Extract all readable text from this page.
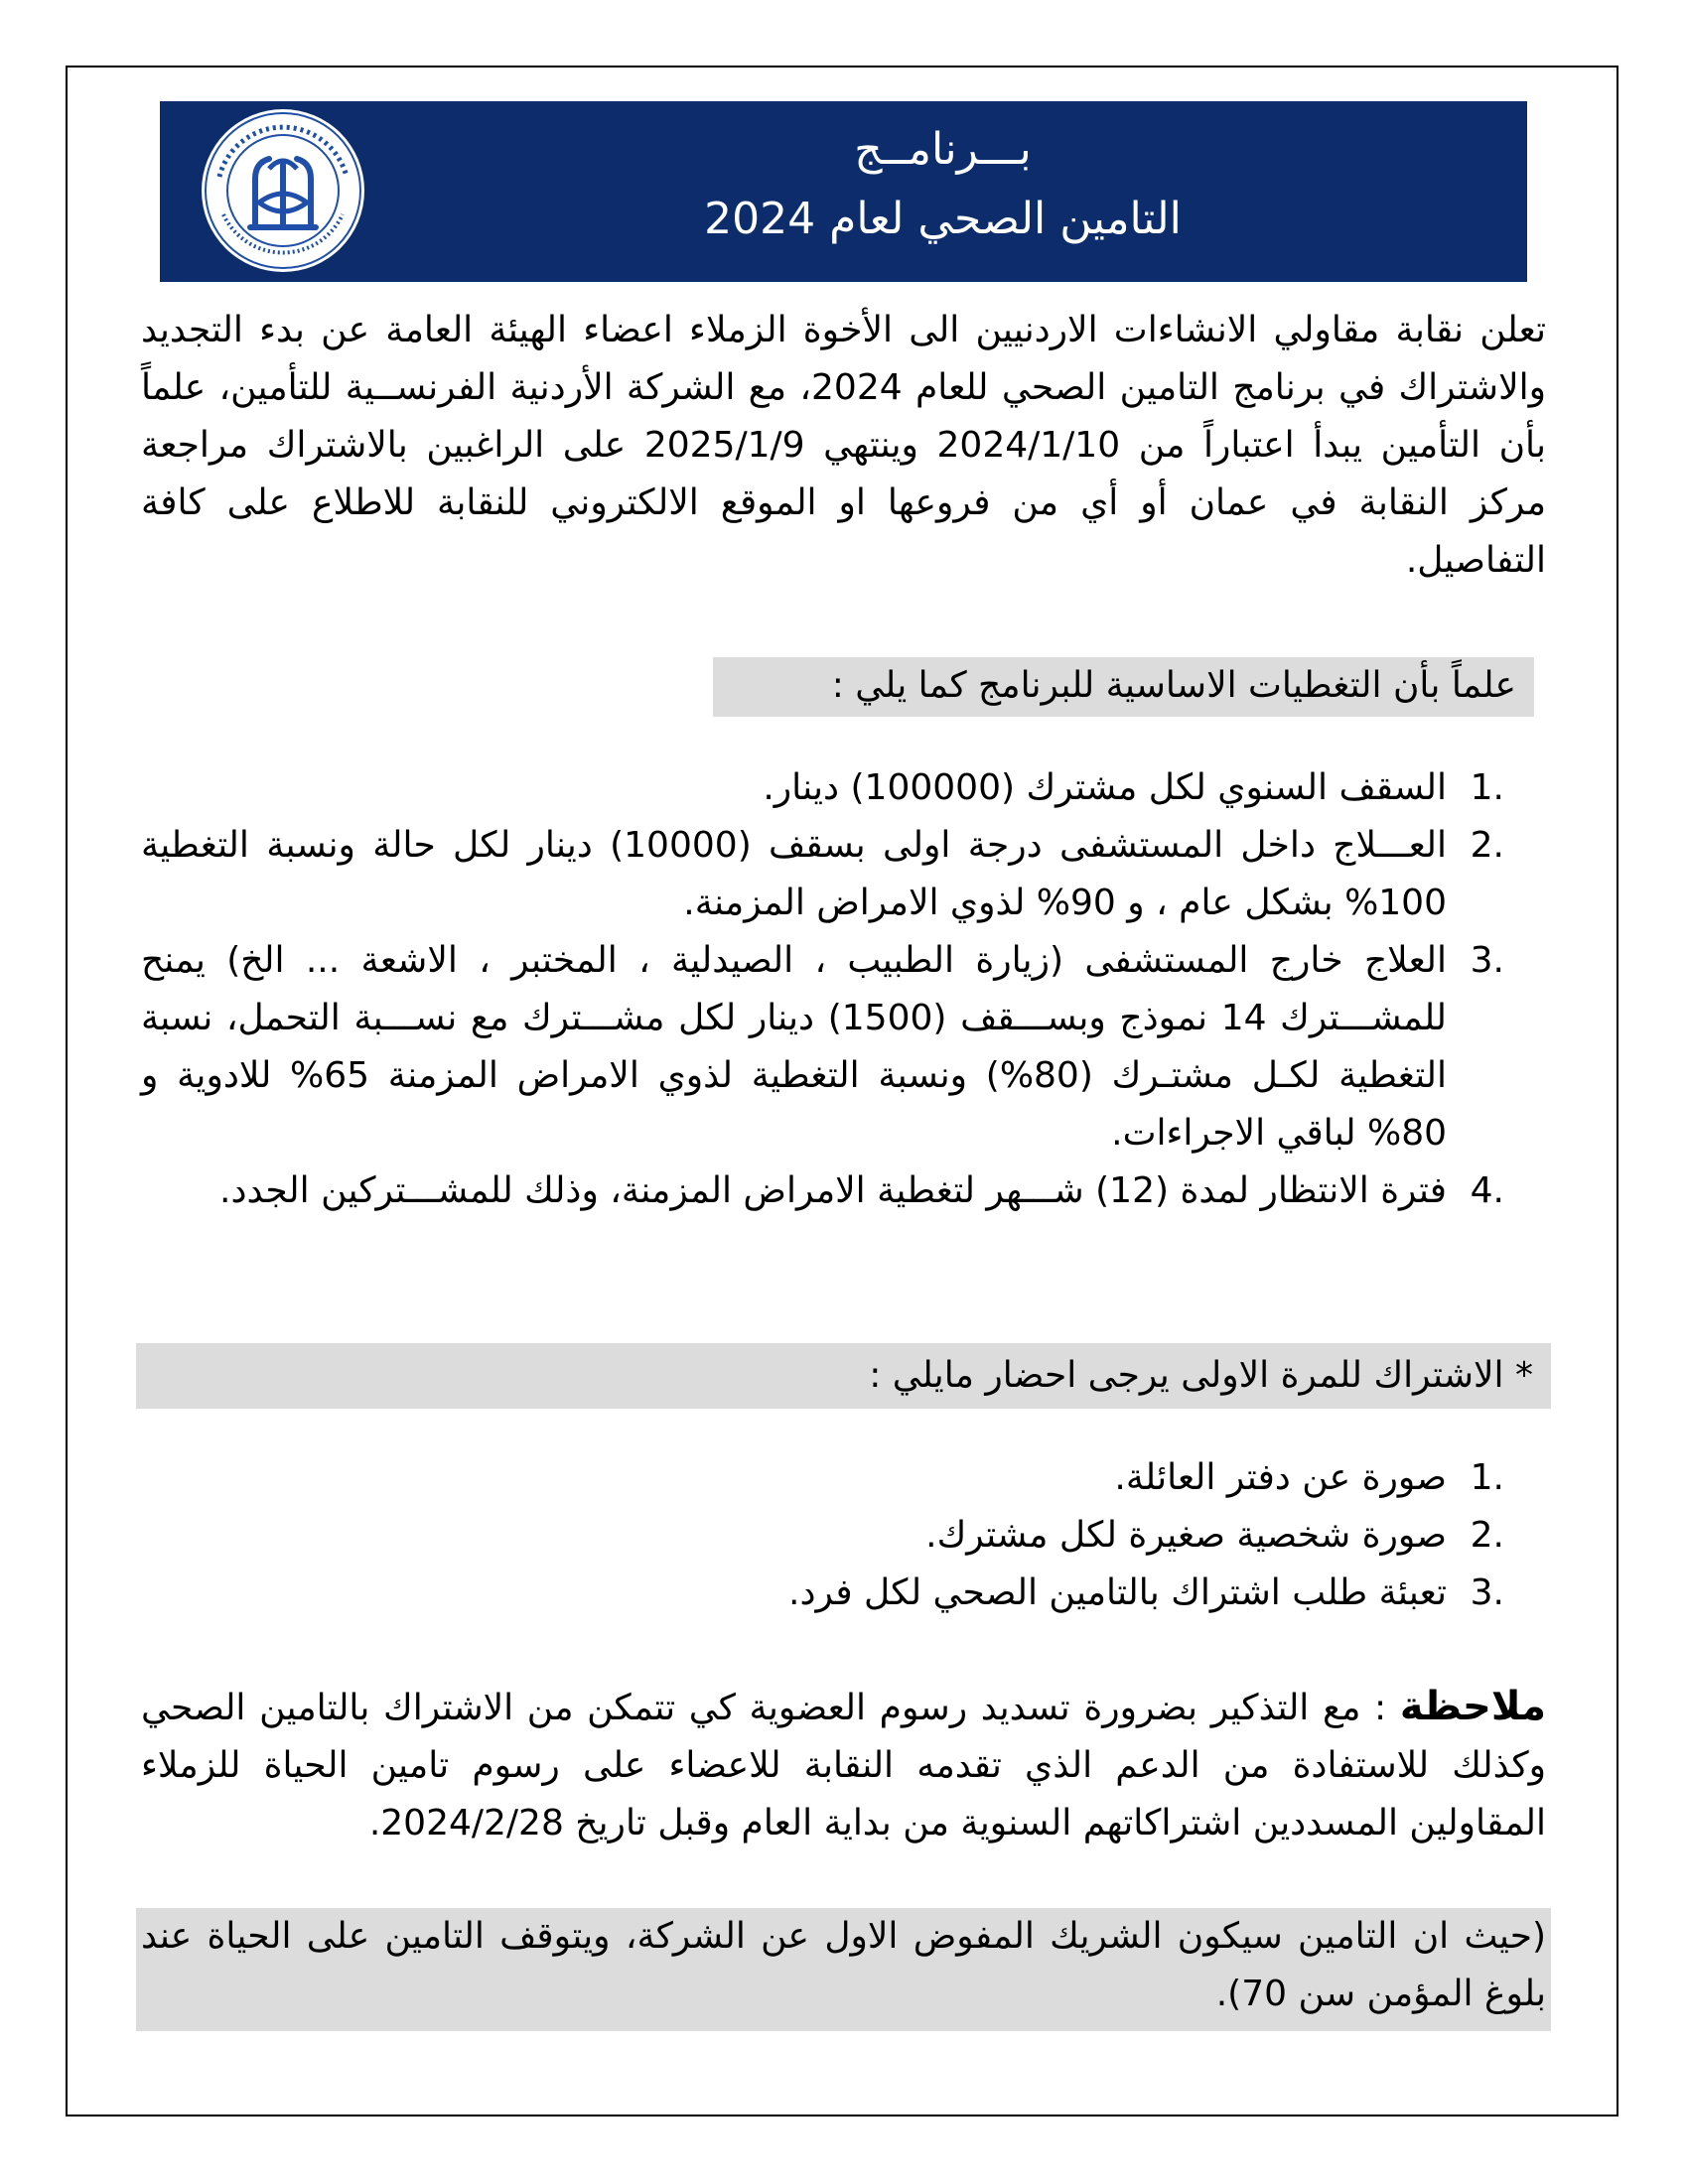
بـــرنامــج
التامين الصحي لعام 2024
تعلن نقابة مقاولي الانشاءات الاردنيين الى الأخوة الزملاء اعضاء الهيئة العامة عن بدء التجديد والاشتراك في برنامج التامين الصحي للعام 2024، مع الشركة الأردنية الفرنســية للتأمين، علماً بأن التأمين يبدأ اعتباراً من 2024/1/10 وينتهي 2025/1/9 على الراغبين بالاشتراك مراجعة مركز النقابة في عمان أو أي من فروعها او الموقع الالكتروني للنقابة للاطلاع على كافة التفاصيل.
علماً بأن التغطيات الاساسية للبرنامج كما يلي :
1.
السقف السنوي لكل مشترك (100000) دينار.
2.
العـــلاج داخل المستشفى درجة اولى بسقف (10000) دينار لكل حالة ونسبة التغطية 100% بشكل عام ، و 90% لذوي الامراض المزمنة.
3.
العلاج خارج المستشفى (زيارة الطبيب ، الصيدلية ، المختبر ، الاشعة ... الخ) يمنح للمشـــترك 14 نموذج وبســـقف (1500) دينار لكل مشـــترك مع نســـبة التحمل، نسبة التغطية لكـل مشتـرك (80%) ونسبة التغطية لذوي الامراض المزمنة 65% للادوية و 80% لباقي الاجراءات.
4.
فترة الانتظار لمدة (12) شـــهر لتغطية الامراض المزمنة، وذلك للمشـــتركين الجدد.
* الاشتراك للمرة الاولى يرجى احضار مايلي :
1.
صورة عن دفتر العائلة.
2.
صورة شخصية صغيرة لكل مشترك.
3.
تعبئة طلب اشتراك بالتامين الصحي لكل فرد.
ملاحظة : مع التذكير بضرورة تسديد رسوم العضوية كي تتمكن من الاشتراك بالتامين الصحي وكذلك للاستفادة من الدعم الذي تقدمه النقابة للاعضاء على رسوم تامين الحياة للزملاء المقاولين المسددين اشتراكاتهم السنوية من بداية العام وقبل تاريخ 2024/2/28.
(حيث ان التامين سيكون الشريك المفوض الاول عن الشركة، ويتوقف التامين على الحياة عند بلوغ المؤمن سن 70).
